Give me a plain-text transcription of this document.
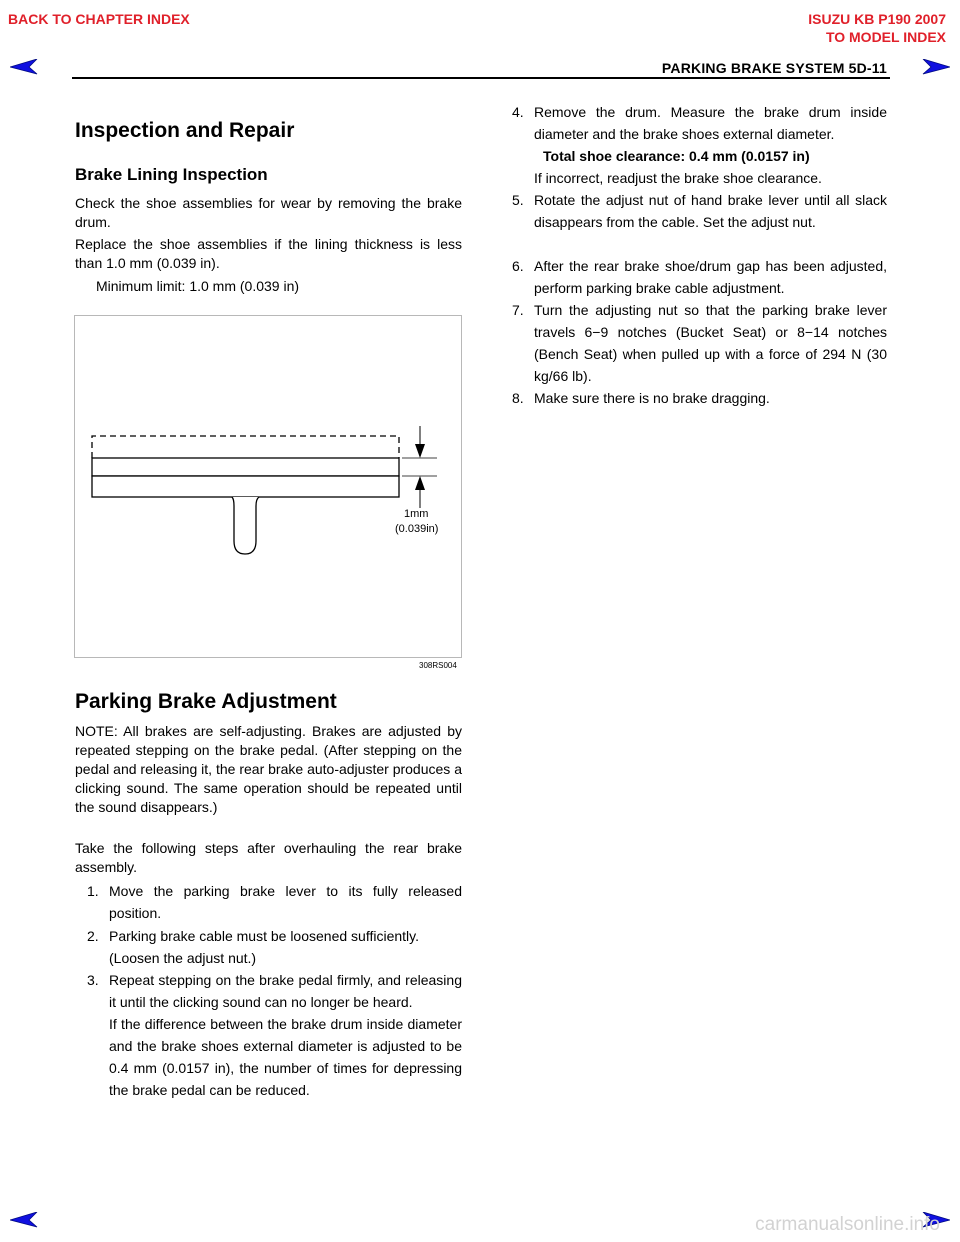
BACK TO CHAPTER INDEX	ISUZU KB P190 2007
TO MODEL INDEX
PARKING BRAKE SYSTEM 5D-11
Inspection and Repair
Brake Lining Inspection

Check the shoe assemblies for wear by removing the brake drum.

Replace the shoe assemblies if the lining thickness is less than 1.0 mm (0.039 in).

Minimum limit: 1.0 mm (0.039 in)
1mm
(0.039in)
308RS004
Parking Brake Adjustment

NOTE: All brakes are self-adjusting. Brakes are adjusted by repeated stepping on the brake pedal. (After stepping on the pedal and releasing it, the rear brake auto-adjuster produces a clicking sound. The same operation should be repeated until the sound disappears.)

Take the following steps after overhauling the rear brake assembly.

1. Move the parking brake lever to its fully released position.
2. Parking brake cable must be loosened sufficiently.
(Loosen the adjust nut.)
3. Repeat stepping on the brake pedal firmly, and releasing it until the clicking sound can no longer be heard.
If the difference between the brake drum inside diameter and the brake shoes external diameter is adjusted to be 0.4 mm (0.0157 in), the number of times for depressing the brake pedal can be reduced.
4. Remove the drum. Measure the brake drum inside diameter and the brake shoes external diameter.
Total shoe clearance: 0.4 mm (0.0157 in)
If incorrect, readjust the brake shoe clearance.
5. Rotate the adjust nut of hand brake lever until all slack disappears from the cable. Set the adjust nut.
6. After the rear brake shoe/drum gap has been adjusted, perform parking brake cable adjustment.
7. Turn the adjusting nut so that the parking brake lever travels 6−9 notches (Bucket Seat) or 8−14 notches (Bench Seat) when pulled up with a force of 294 N (30 kg/66 lb).
8. Make sure there is no brake dragging.
carmanualsonline.info
